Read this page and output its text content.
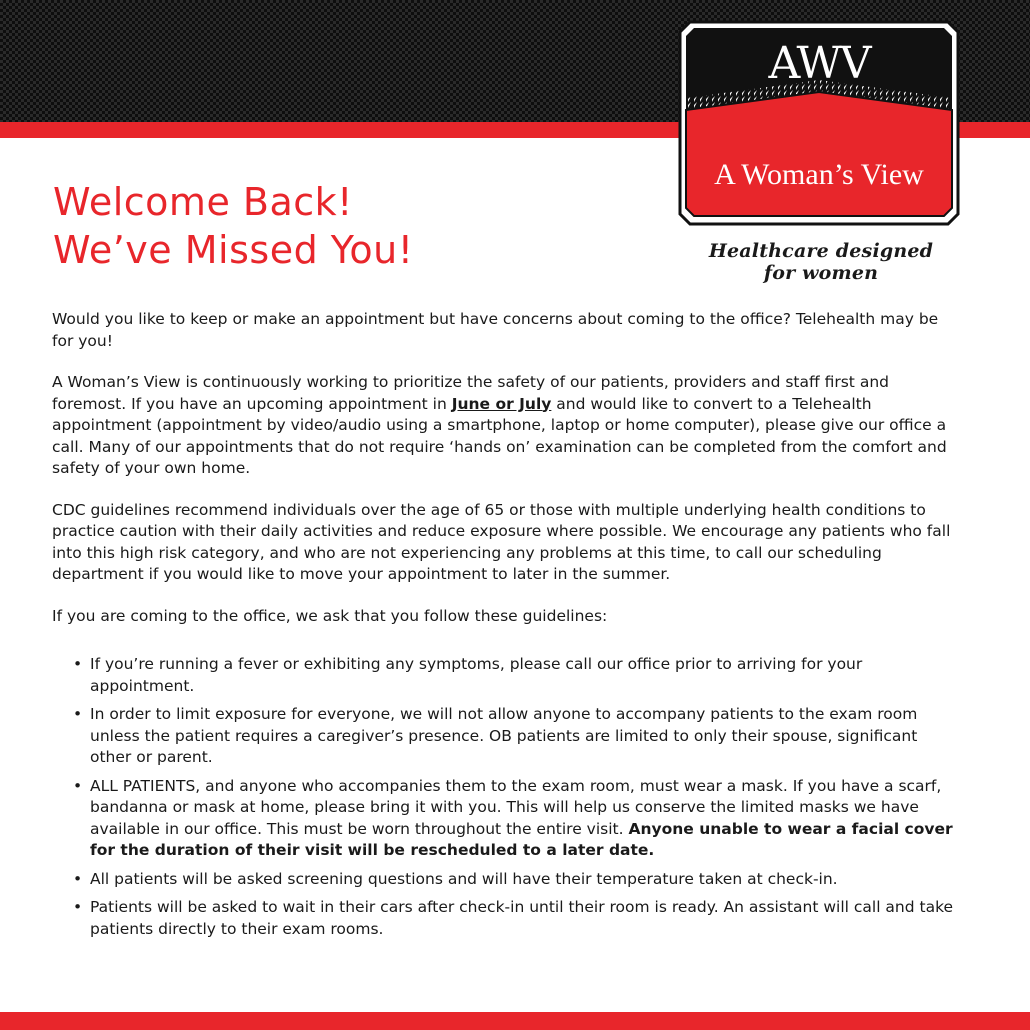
AWV
A Woman’s View
Healthcare designed for women
Welcome Back!
We’ve Missed You!

Would you like to keep or make an appointment but have concerns about coming to the office? Telehealth may be for you!

A Woman’s View is continuously working to prioritize the safety of our patients, providers and staff first and foremost. If you have an upcoming appointment in June or July and would like to convert to a Telehealth appointment (appointment by video/audio using a smartphone, laptop or home computer), please give our office a call. Many of our appointments that do not require ‘hands on’ examination can be completed from the comfort and safety of your own home.

CDC guidelines recommend individuals over the age of 65 or those with multiple underlying health conditions to practice caution with their daily activities and reduce exposure where possible. We encourage any patients who fall into this high risk category, and who are not experiencing any problems at this time, to call our scheduling department if you would like to move your appointment to later in the summer.

If you are coming to the office, we ask that you follow these guidelines:

• If you’re running a fever or exhibiting any symptoms, please call our office prior to arriving for your appointment.
• In order to limit exposure for everyone, we will not allow anyone to accompany patients to the exam room unless the patient requires a caregiver’s presence. OB patients are limited to only their spouse, significant other or parent.
• ALL PATIENTS, and anyone who accompanies them to the exam room, must wear a mask. If you have a scarf, bandanna or mask at home, please bring it with you. This will help us conserve the limited masks we have available in our office. This must be worn throughout the entire visit. Anyone unable to wear a facial cover for the duration of their visit will be rescheduled to a later date.
• All patients will be asked screening questions and will have their temperature taken at check-in.
• Patients will be asked to wait in their cars after check-in until their room is ready. An assistant will call and take patients directly to their exam rooms.
